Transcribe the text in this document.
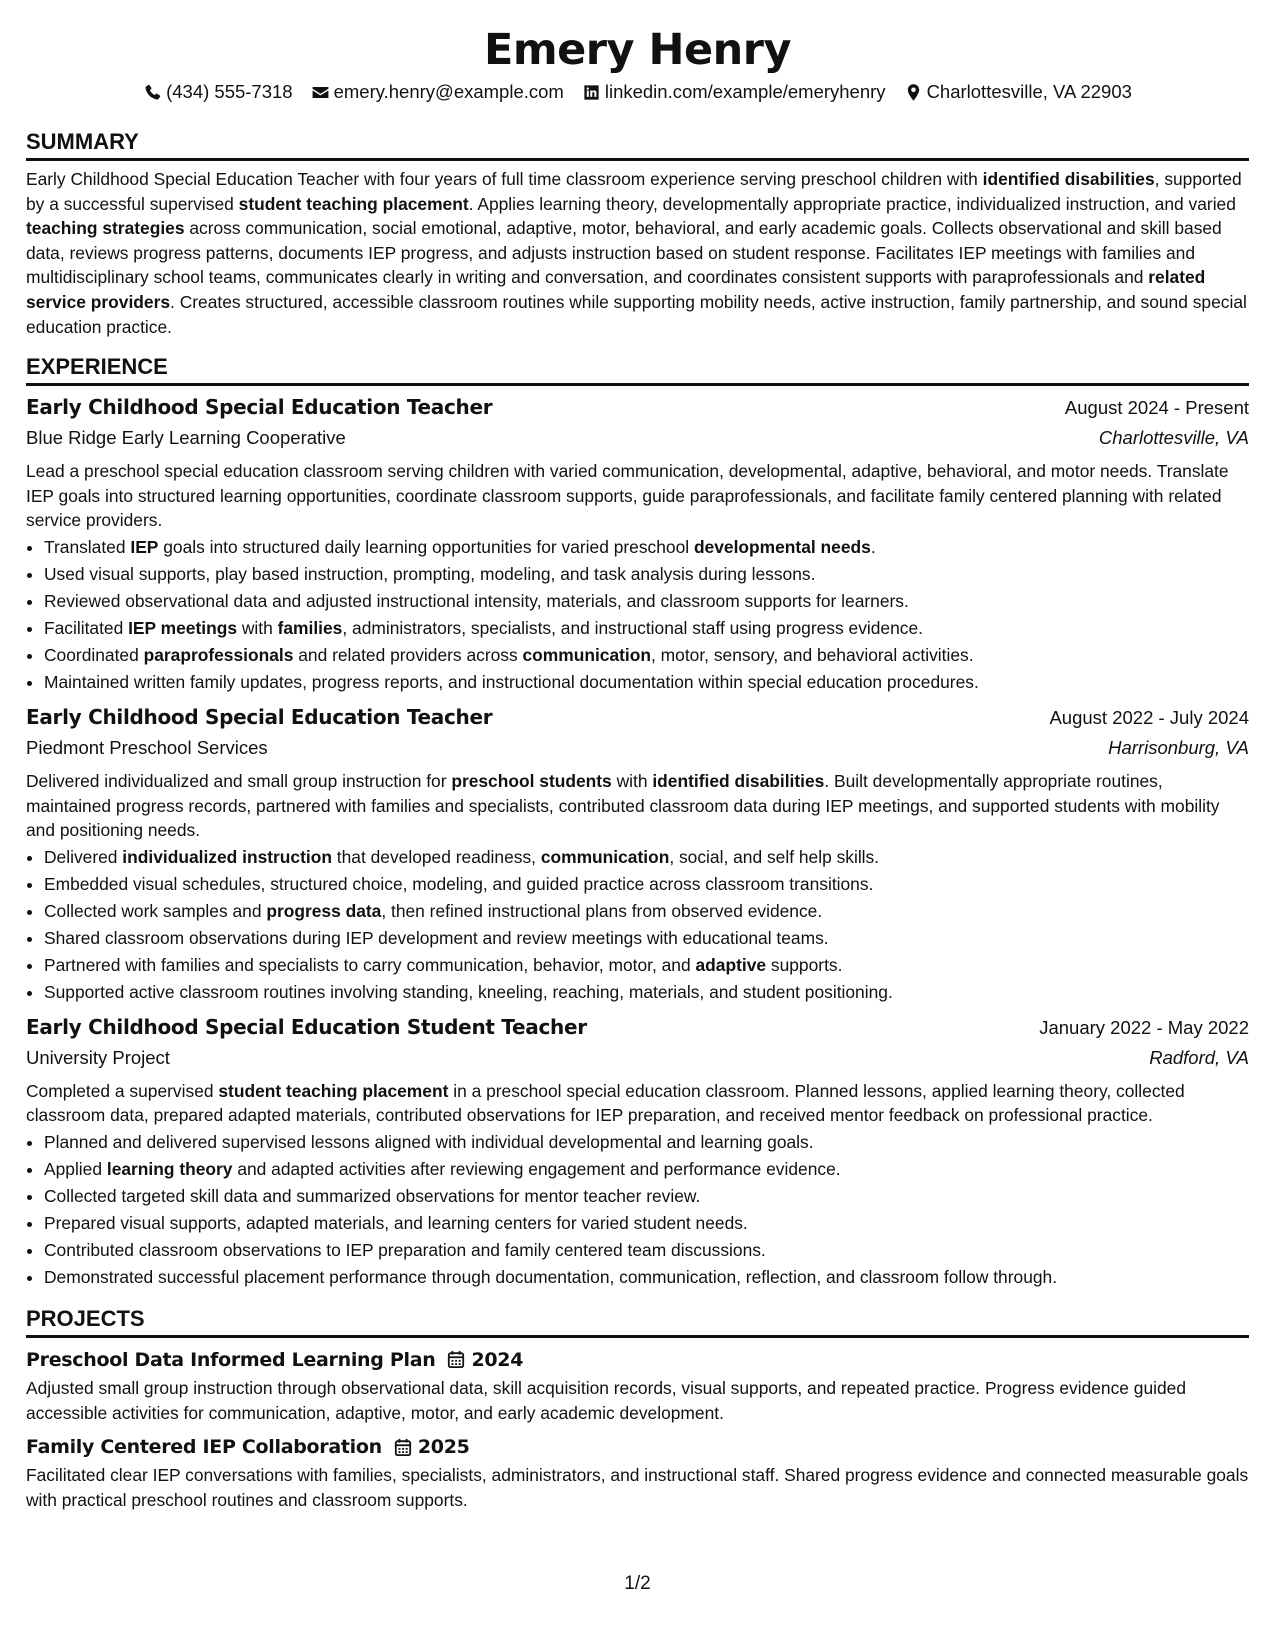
Emery Henry
(434) 555-7318 emery.henry@example.com linkedin.com/example/emeryhenry Charlottesville, VA 22903
SUMMARY

Early Childhood Special Education Teacher with four years of full time classroom experience serving preschool children with identified disabilities, supported by a successful supervised student teaching placement. Applies learning theory, developmentally appropriate practice, individualized instruction, and varied teaching strategies across communication, social emotional, adaptive, motor, behavioral, and early academic goals. Collects observational and skill based data, reviews progress patterns, documents IEP progress, and adjusts instruction based on student response. Facilitates IEP meetings with families and multidisciplinary school teams, communicates clearly in writing and conversation, and coordinates consistent supports with paraprofessionals and related service providers. Creates structured, accessible classroom routines while supporting mobility needs, active instruction, family partnership, and sound special education practice.

EXPERIENCE
Early Childhood Special Education Teacher	August 2024 - Present
Blue Ridge Early Learning Cooperative	Charlottesville, VA

Lead a preschool special education classroom serving children with varied communication, developmental, adaptive, behavioral, and motor needs. Translate IEP goals into structured learning opportunities, coordinate classroom supports, guide paraprofessionals, and facilitate family centered planning with related service providers.

• Translated IEP goals into structured daily learning opportunities for varied preschool developmental needs.
• Used visual supports, play based instruction, prompting, modeling, and task analysis during lessons.
• Reviewed observational data and adjusted instructional intensity, materials, and classroom supports for learners.
• Facilitated IEP meetings with families, administrators, specialists, and instructional staff using progress evidence.
• Coordinated paraprofessionals and related providers across communication, motor, sensory, and behavioral activities.
• Maintained written family updates, progress reports, and instructional documentation within special education procedures.
Early Childhood Special Education Teacher	August 2022 - July 2024
Piedmont Preschool Services	Harrisonburg, VA

Delivered individualized and small group instruction for preschool students with identified disabilities. Built developmentally appropriate routines, maintained progress records, partnered with families and specialists, contributed classroom data during IEP meetings, and supported students with mobility and positioning needs.

• Delivered individualized instruction that developed readiness, communication, social, and self help skills.
• Embedded visual schedules, structured choice, modeling, and guided practice across classroom transitions.
• Collected work samples and progress data, then refined instructional plans from observed evidence.
• Shared classroom observations during IEP development and review meetings with educational teams.
• Partnered with families and specialists to carry communication, behavior, motor, and adaptive supports.
• Supported active classroom routines involving standing, kneeling, reaching, materials, and student positioning.
Early Childhood Special Education Student Teacher	January 2022 - May 2022
University Project	Radford, VA

Completed a supervised student teaching placement in a preschool special education classroom. Planned lessons, applied learning theory, collected classroom data, prepared adapted materials, contributed observations for IEP preparation, and received mentor feedback on professional practice.

• Planned and delivered supervised lessons aligned with individual developmental and learning goals.
• Applied learning theory and adapted activities after reviewing engagement and performance evidence.
• Collected targeted skill data and summarized observations for mentor teacher review.
• Prepared visual supports, adapted materials, and learning centers for varied student needs.
• Contributed classroom observations to IEP preparation and family centered team discussions.
• Demonstrated successful placement performance through documentation, communication, reflection, and classroom follow through.
PROJECTS
Preschool Data Informed Learning Plan 2024

Adjusted small group instruction through observational data, skill acquisition records, visual supports, and repeated practice. Progress evidence guided accessible activities for communication, adaptive, motor, and early academic development.

Family Centered IEP Collaboration 2025

Facilitated clear IEP conversations with families, specialists, administrators, and instructional staff. Shared progress evidence and connected measurable goals with practical preschool routines and classroom supports.

1/2
